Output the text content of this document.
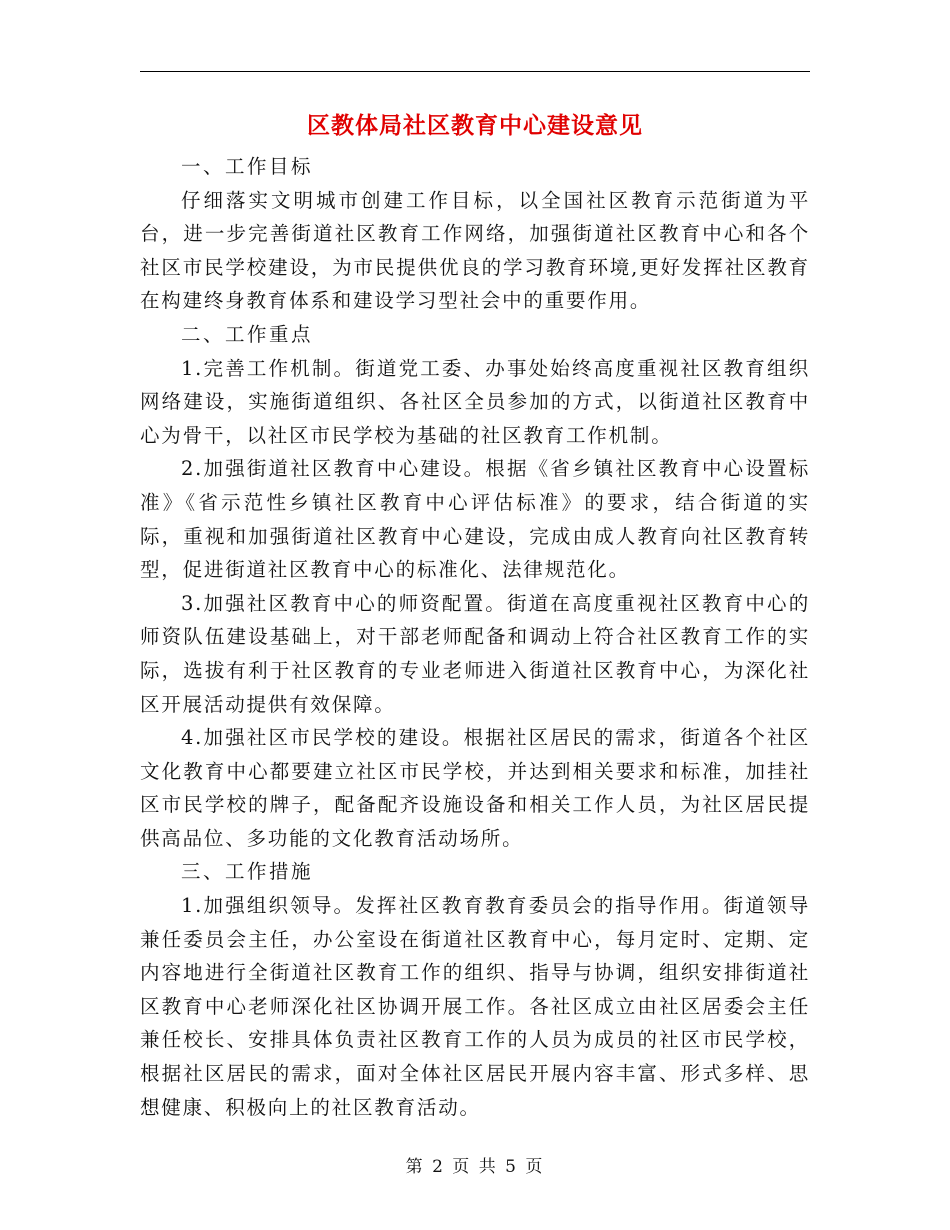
区教体局社区教育中心建设意见

一、工作目标

仔细落实文明城市创建工作目标，以全国社区教育示范街道为平台，进一步完善街道社区教育工作网络，加强街道社区教育中心和各个社区市民学校建设，为市民提供优良的学习教育环境,更好发挥社区教育在构建终身教育体系和建设学习型社会中的重要作用。

二、工作重点

1.完善工作机制。街道党工委、办事处始终高度重视社区教育组织网络建设，实施街道组织、各社区全员参加的方式，以街道社区教育中心为骨干，以社区市民学校为基础的社区教育工作机制。

2.加强街道社区教育中心建设。根据《省乡镇社区教育中心设置标准》《省示范性乡镇社区教育中心评估标准》的要求，结合街道的实际，重视和加强街道社区教育中心建设，完成由成人教育向社区教育转型，促进街道社区教育中心的标准化、法律规范化。

3.加强社区教育中心的师资配置。街道在高度重视社区教育中心的师资队伍建设基础上，对干部老师配备和调动上符合社区教育工作的实际，选拔有利于社区教育的专业老师进入街道社区教育中心，为深化社区开展活动提供有效保障。

4.加强社区市民学校的建设。根据社区居民的需求，街道各个社区文化教育中心都要建立社区市民学校，并达到相关要求和标准，加挂社区市民学校的牌子，配备配齐设施设备和相关工作人员，为社区居民提供高品位、多功能的文化教育活动场所。

三、工作措施

1.加强组织领导。发挥社区教育教育委员会的指导作用。街道领导兼任委员会主任，办公室设在街道社区教育中心，每月定时、定期、定内容地进行全街道社区教育工作的组织、指导与协调，组织安排街道社区教育中心老师深化社区协调开展工作。各社区成立由社区居委会主任兼任校长、安排具体负责社区教育工作的人员为成员的社区市民学校，根据社区居民的需求，面对全体社区居民开展内容丰富、形式多样、思想健康、积极向上的社区教育活动。

第 2 页 共 5 页
